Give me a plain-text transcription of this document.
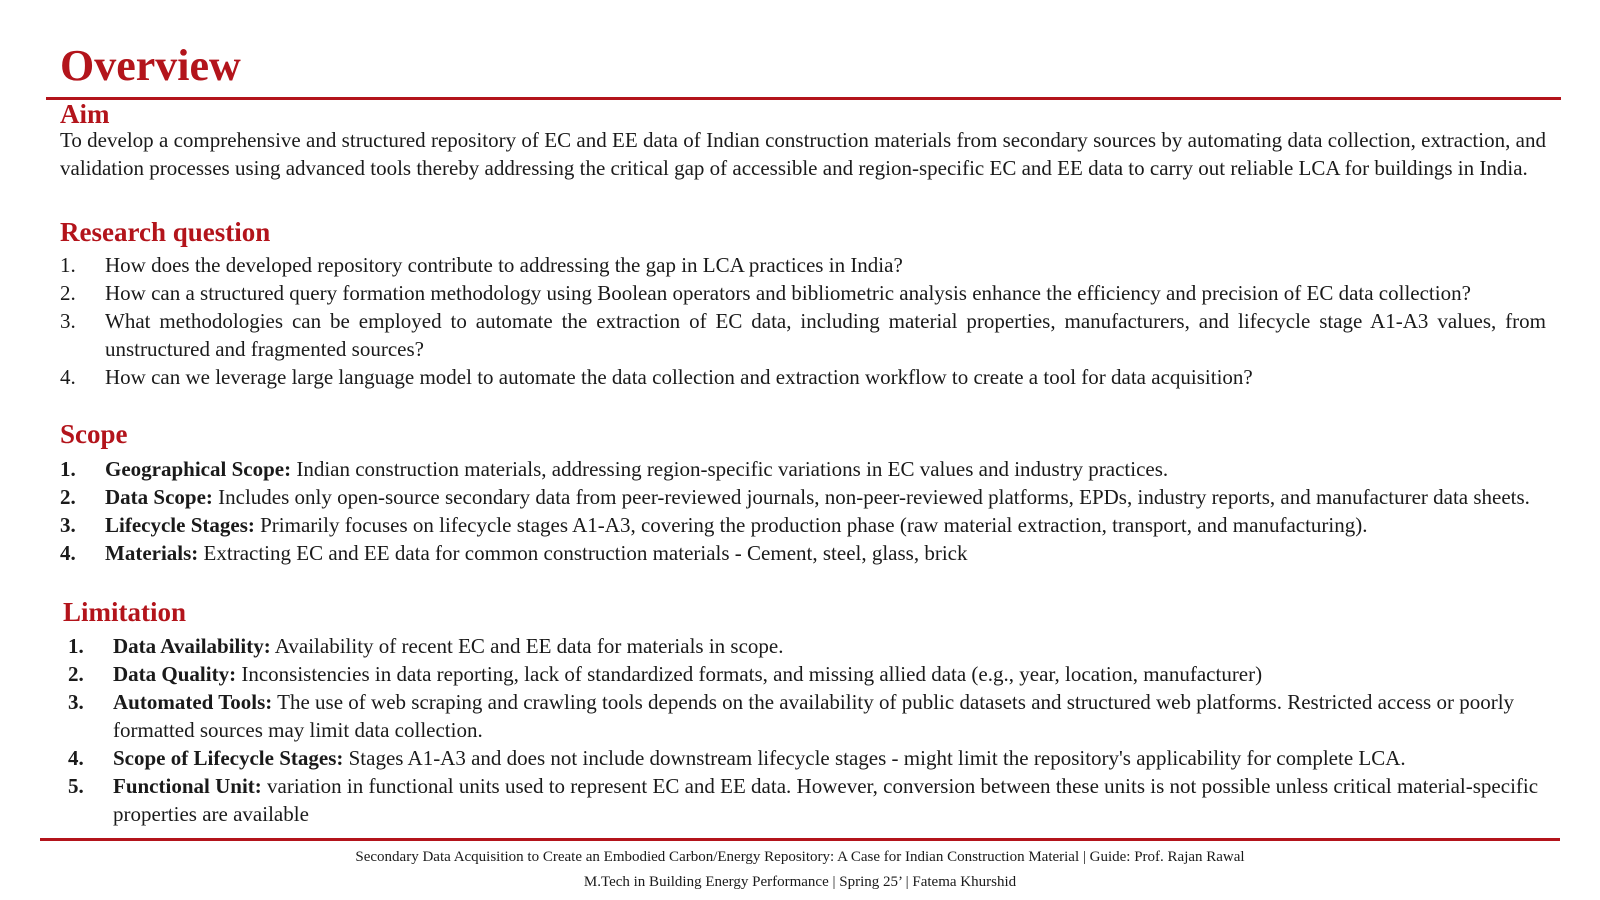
Overview
Aim
To develop a comprehensive and structured repository of EC and EE data of Indian construction materials from secondary sources by automating data collection, extraction, and validation processes using advanced tools thereby addressing the critical gap of accessible and region-specific EC and EE data to carry out reliable LCA for buildings in India.
Research question
1. How does the developed repository contribute to addressing the gap in LCA practices in India?
2. How can a structured query formation methodology using Boolean operators and bibliometric analysis enhance the efficiency and precision of EC data collection?
3. What methodologies can be employed to automate the extraction of EC data, including material properties, manufacturers, and lifecycle stage A1-A3 values, from unstructured and fragmented sources?
4. How can we leverage large language model to automate the data collection and extraction workflow to create a tool for data acquisition?
Scope
1. Geographical Scope: Indian construction materials, addressing region-specific variations in EC values and industry practices.
2. Data Scope: Includes only open-source secondary data from peer-reviewed journals, non-peer-reviewed platforms, EPDs, industry reports, and manufacturer data sheets.
3. Lifecycle Stages: Primarily focuses on lifecycle stages A1-A3, covering the production phase (raw material extraction, transport, and manufacturing).
4. Materials: Extracting EC and EE data for common construction materials - Cement, steel, glass, brick
Limitation
1. Data Availability: Availability of recent EC and EE data for materials in scope.
2. Data Quality: Inconsistencies in data reporting, lack of standardized formats, and missing allied data (e.g., year, location, manufacturer)
3. Automated Tools: The use of web scraping and crawling tools depends on the availability of public datasets and structured web platforms. Restricted access or poorly formatted sources may limit data collection.
4. Scope of Lifecycle Stages: Stages A1-A3 and does not include downstream lifecycle stages - might limit the repository's applicability for complete LCA.
5. Functional Unit: variation in functional units used to represent EC and EE data. However, conversion between these units is not possible unless critical material-specific properties are available
Secondary Data Acquisition to Create an Embodied Carbon/Energy Repository: A Case for Indian Construction Material | Guide: Prof. Rajan Rawal
M.Tech in Building Energy Performance | Spring 25’ | Fatema Khurshid
